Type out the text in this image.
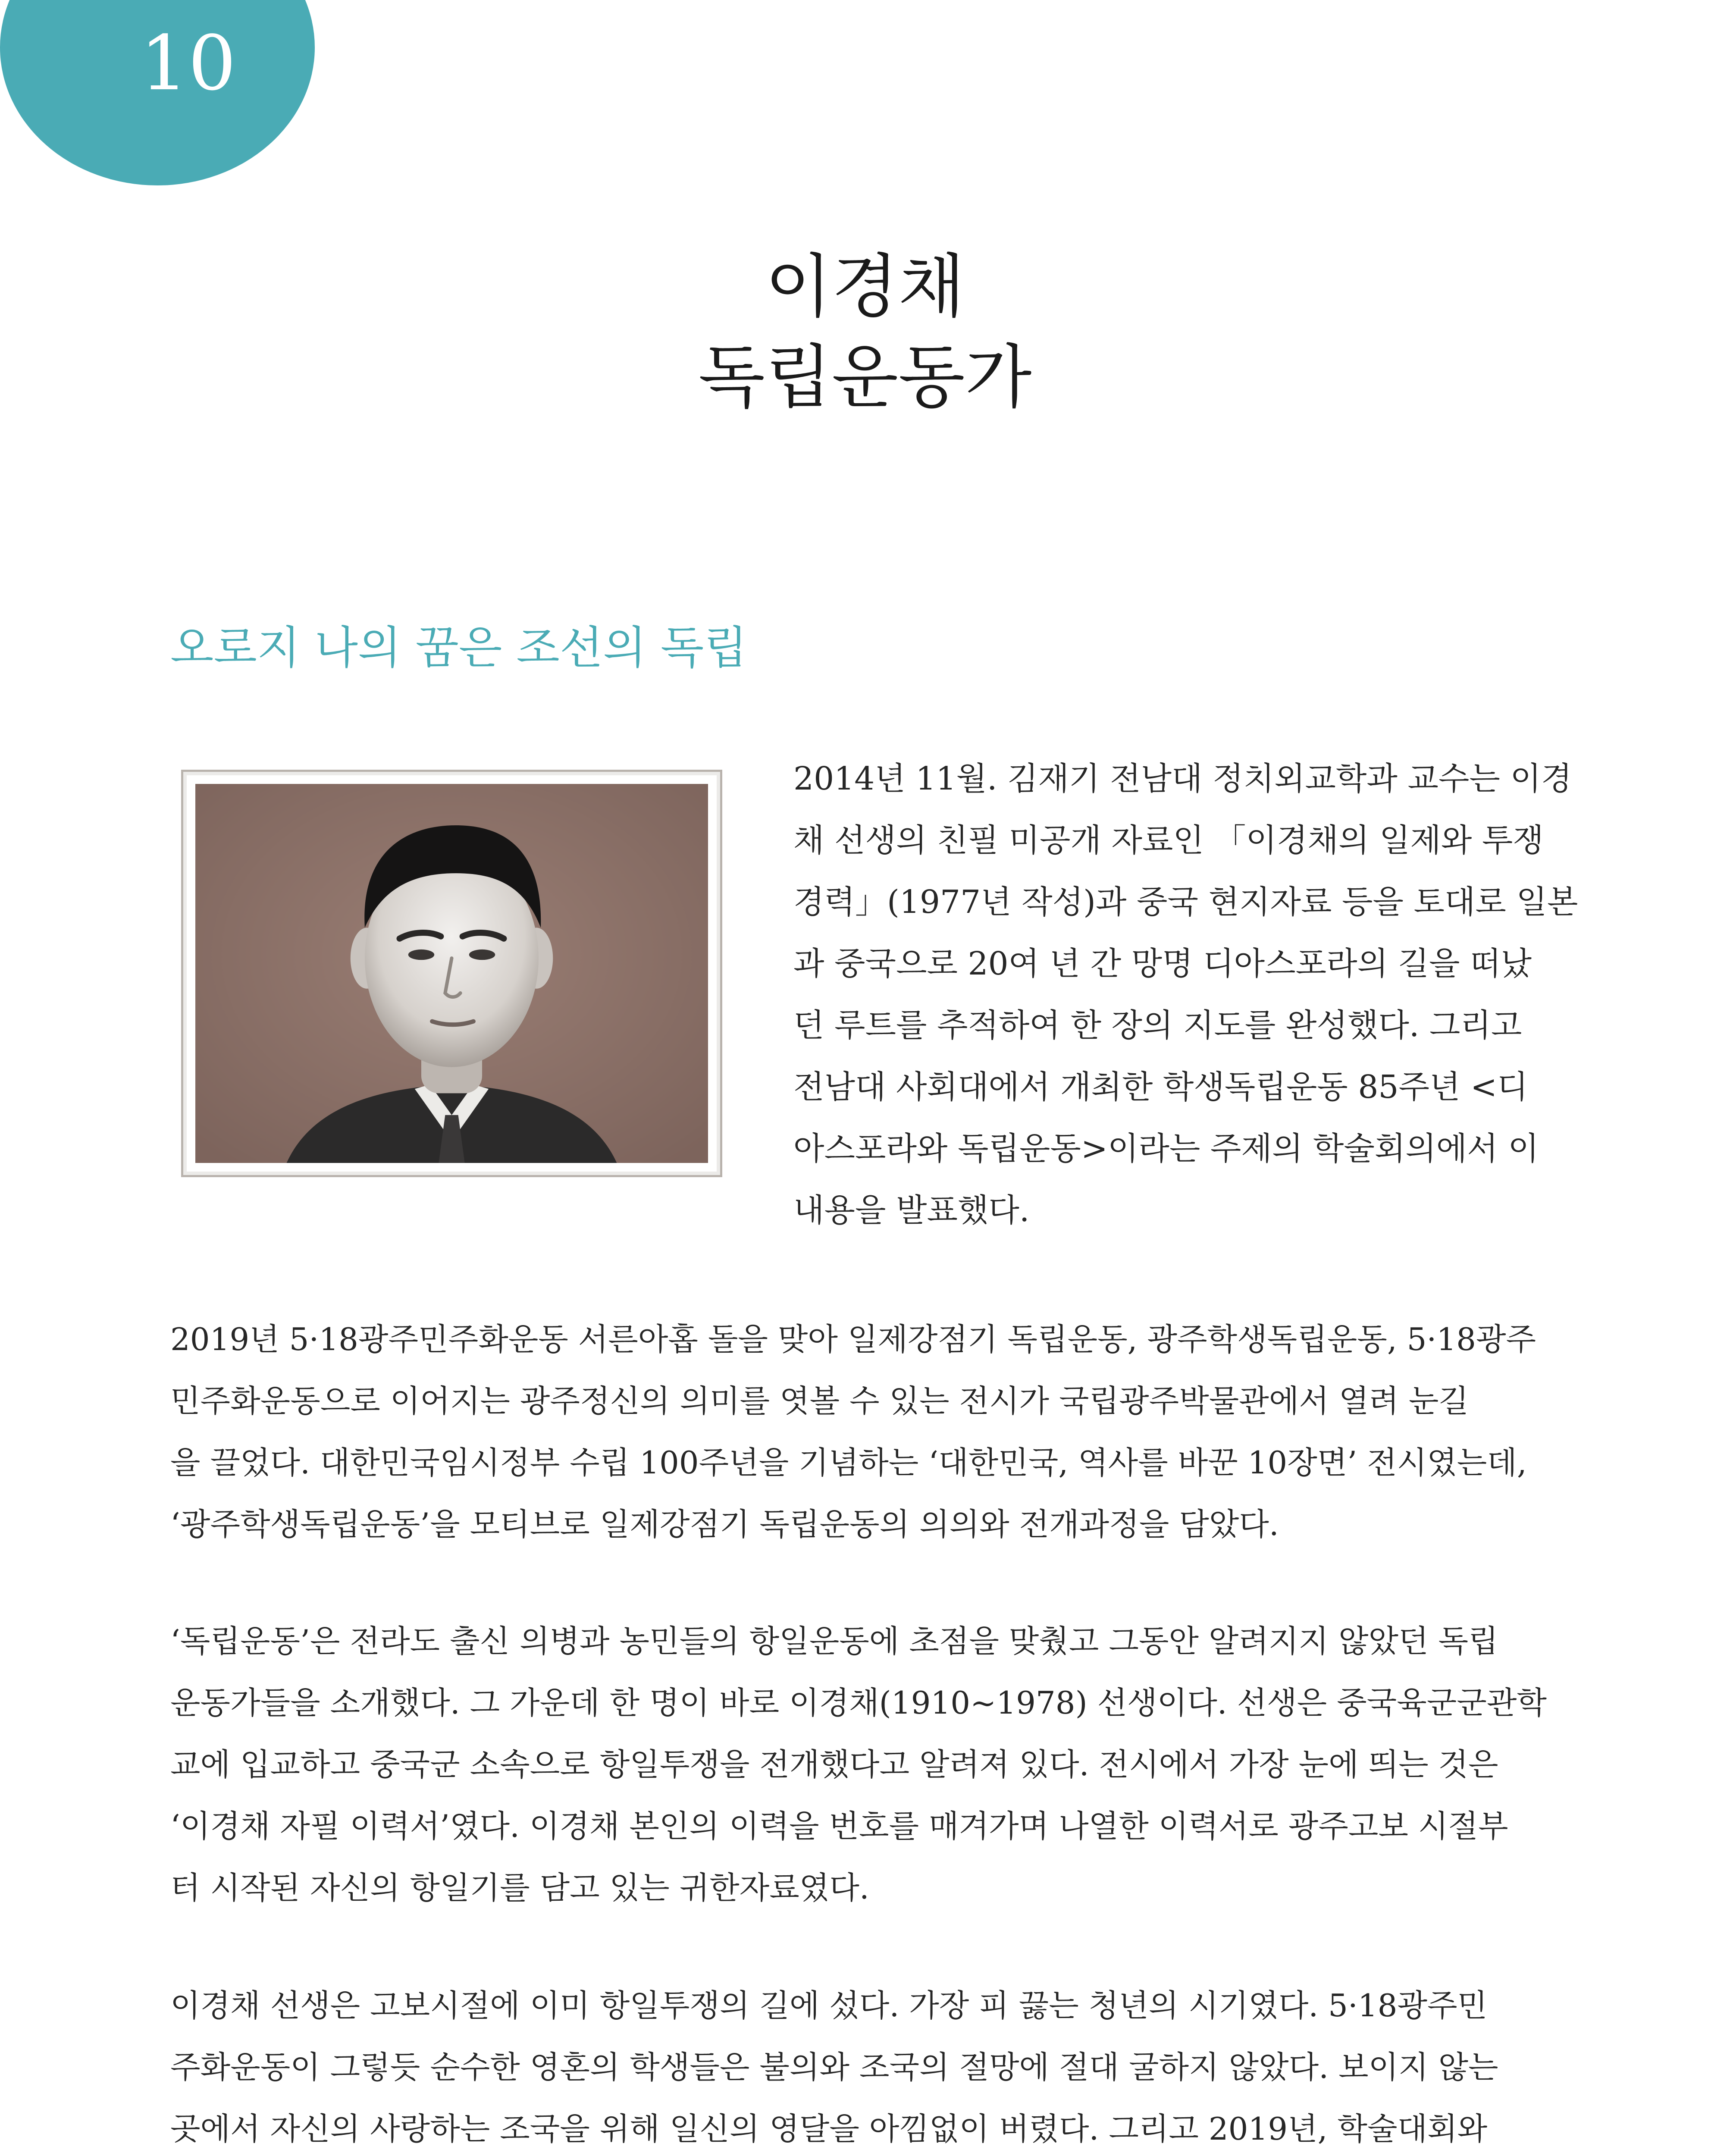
10
이경채
독립운동가
오로지 나의 꿈은 조선의 독립

2014년 11월. 김재기 전남대 정치외교학과 교수는 이경
채 선생의 친필 미공개 자료인 「이경채의 일제와 투쟁
경력」(1977년 작성)과 중국 현지자료 등을 토대로 일본
과 중국으로 20여 년 간 망명 디아스포라의 길을 떠났
던 루트를 추적하여 한 장의 지도를 완성했다. 그리고
전남대 사회대에서 개최한 학생독립운동 85주년 <디
아스포라와 독립운동>이라는 주제의 학술회의에서 이
내용을 발표했다.

2019년 5·18광주민주화운동 서른아홉 돌을 맞아 일제강점기 독립운동, 광주학생독립운동, 5·18광주
민주화운동으로 이어지는 광주정신의 의미를 엿볼 수 있는 전시가 국립광주박물관에서 열려 눈길
을 끌었다. 대한민국임시정부 수립 100주년을 기념하는 ‘대한민국, 역사를 바꾼 10장면’ 전시였는데,
‘광주학생독립운동’을 모티브로 일제강점기 독립운동의 의의와 전개과정을 담았다.

‘독립운동’은 전라도 출신 의병과 농민들의 항일운동에 초점을 맞췄고 그동안 알려지지 않았던 독립
운동가들을 소개했다. 그 가운데 한 명이 바로 이경채(1910~1978) 선생이다. 선생은 중국육군군관학
교에 입교하고 중국군 소속으로 항일투쟁을 전개했다고 알려져 있다. 전시에서 가장 눈에 띄는 것은
‘이경채 자필 이력서’였다. 이경채 본인의 이력을 번호를 매겨가며 나열한 이력서로 광주고보 시절부
터 시작된 자신의 항일기를 담고 있는 귀한자료였다.

이경채 선생은 고보시절에 이미 항일투쟁의 길에 섰다. 가장 피 끓는 청년의 시기였다. 5·18광주민
주화운동이 그렇듯 순수한 영혼의 학생들은 불의와 조국의 절망에 절대 굴하지 않았다. 보이지 않는
곳에서 자신의 사랑하는 조국을 위해 일신의 영달을 아낌없이 버렸다. 그리고 2019년, 학술대회와
